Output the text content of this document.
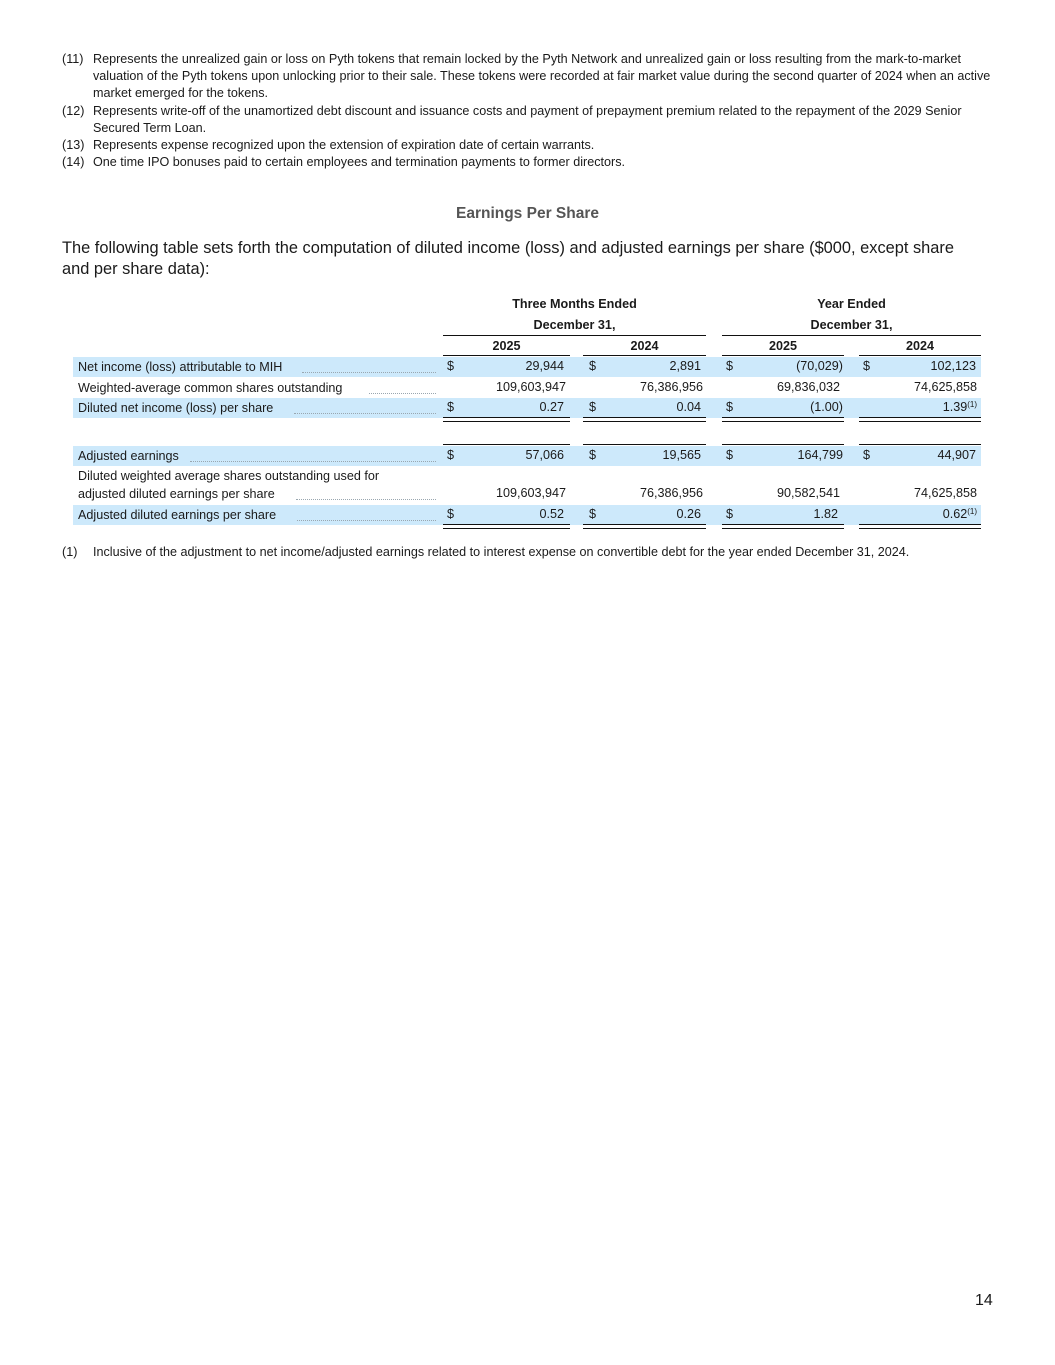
(11) Represents the unrealized gain or loss on Pyth tokens that remain locked by the Pyth Network and unrealized gain or loss resulting from the mark-to-market valuation of the Pyth tokens upon unlocking prior to their sale. These tokens were recorded at fair market value during the second quarter of 2024 when an active market emerged for the tokens.
(12) Represents write-off of the unamortized debt discount and issuance costs and payment of prepayment premium related to the repayment of the 2029 Senior Secured Term Loan.
(13) Represents expense recognized upon the extension of expiration date of certain warrants.
(14) One time IPO bonuses paid to certain employees and termination payments to former directors.
Earnings Per Share
The following table sets forth the computation of diluted income (loss) and adjusted earnings per share ($000, except share and per share data):
Three Months Ended
December 31,
Year Ended
December 31,
2025	2024	2025	2024
Net income (loss) attributable to MIH	$	29,944 $	2,891 $	(70,029) $	102,123
Weighted-average common shares outstanding	109,603,947	76,386,956	69,836,032	74,625,858
Diluted net income (loss) per share	$	0.27 $	0.04 $	(1.00)	1.39$^{(1)}$
Adjusted earnings	$	57,066 $	19,565 $	164,799 $	44,907
Diluted weighted average shares outstanding used for
adjusted diluted earnings per share	109,603,947	76,386,956	90,582,541	74,625,858
Adjusted diluted earnings per share	$	0.52 $	0.26 $	1.82	0.62$^{(1)}$
(1)	Inclusive of the adjustment to net income/adjusted earnings related to interest expense on convertible debt for the year ended December 31, 2024.
14
